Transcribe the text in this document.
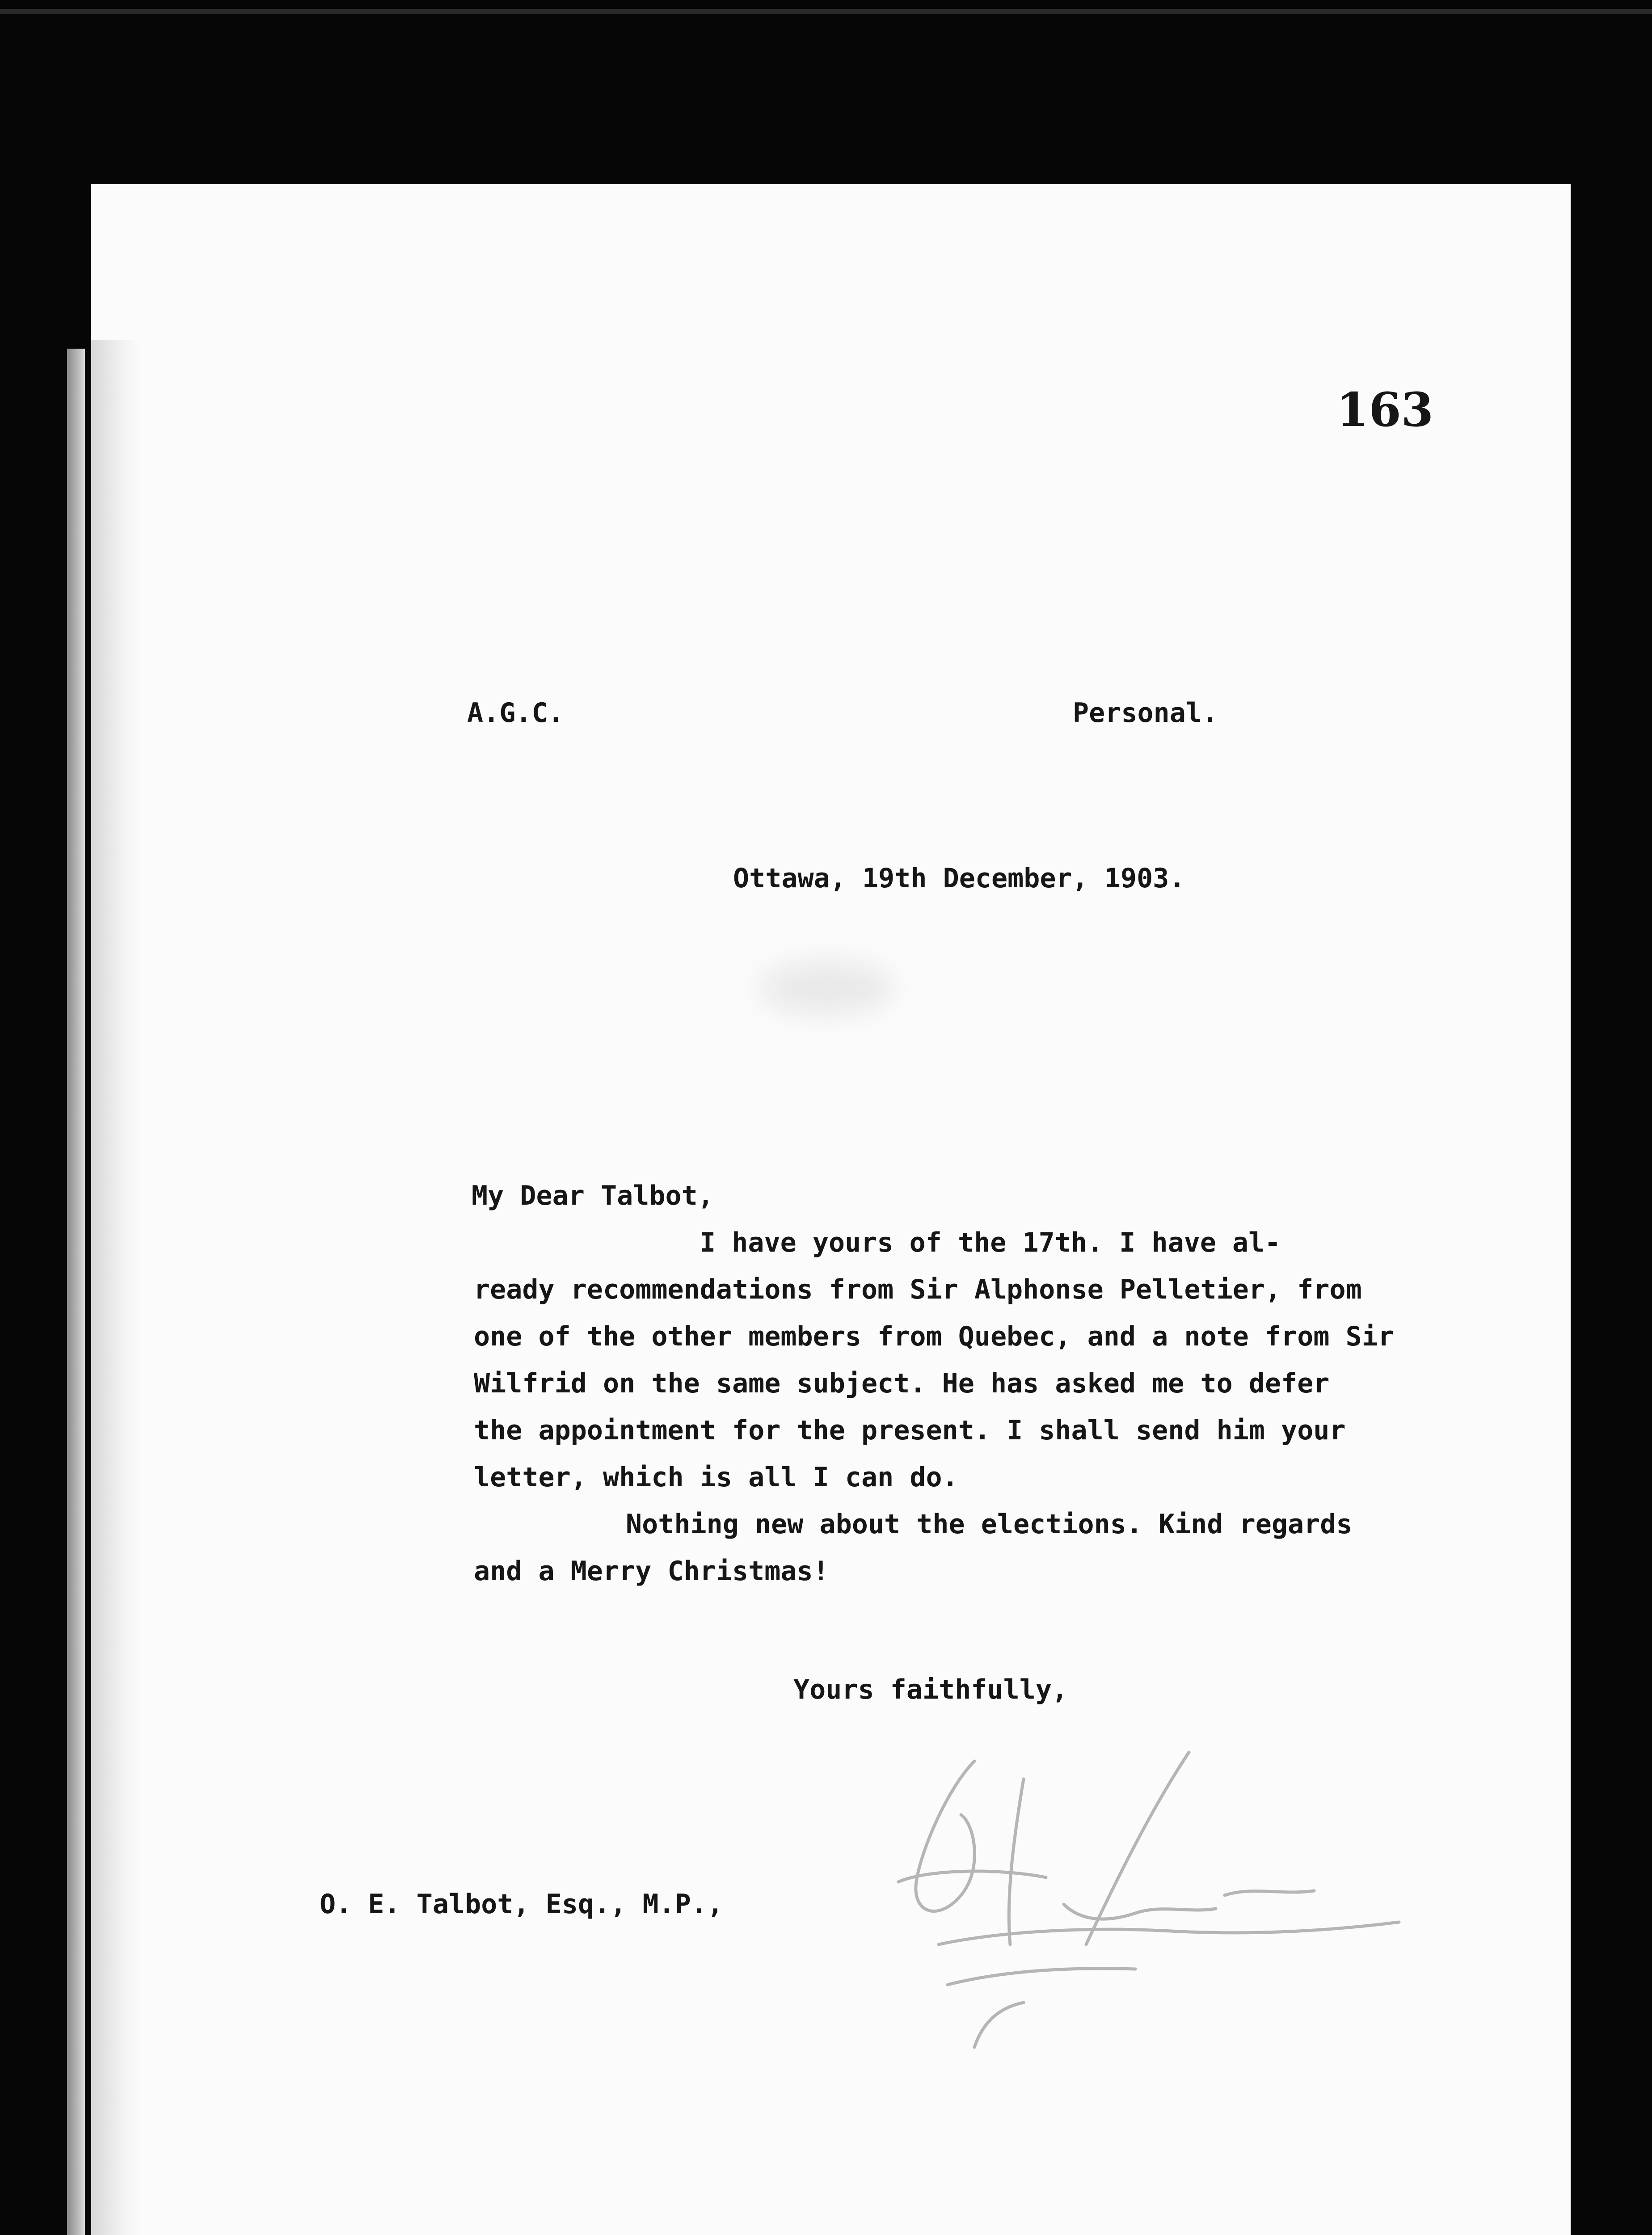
163
A.G.C.	Personal.
Ottawa, 19th December, 1903.
My Dear Talbot,
I have yours of the 17th. I have al-
ready recommendations from Sir Alphonse Pelletier, from
one of the other members from Quebec, and a note from Sir
Wilfrid on the same subject. He has asked me to defer
the appointment for the present. I shall send him your
letter, which is all I can do.
Nothing new about the elections. Kind regards
and a Merry Christmas!
Yours faithfully,
O. E. Talbot, Esq., M.P.,
